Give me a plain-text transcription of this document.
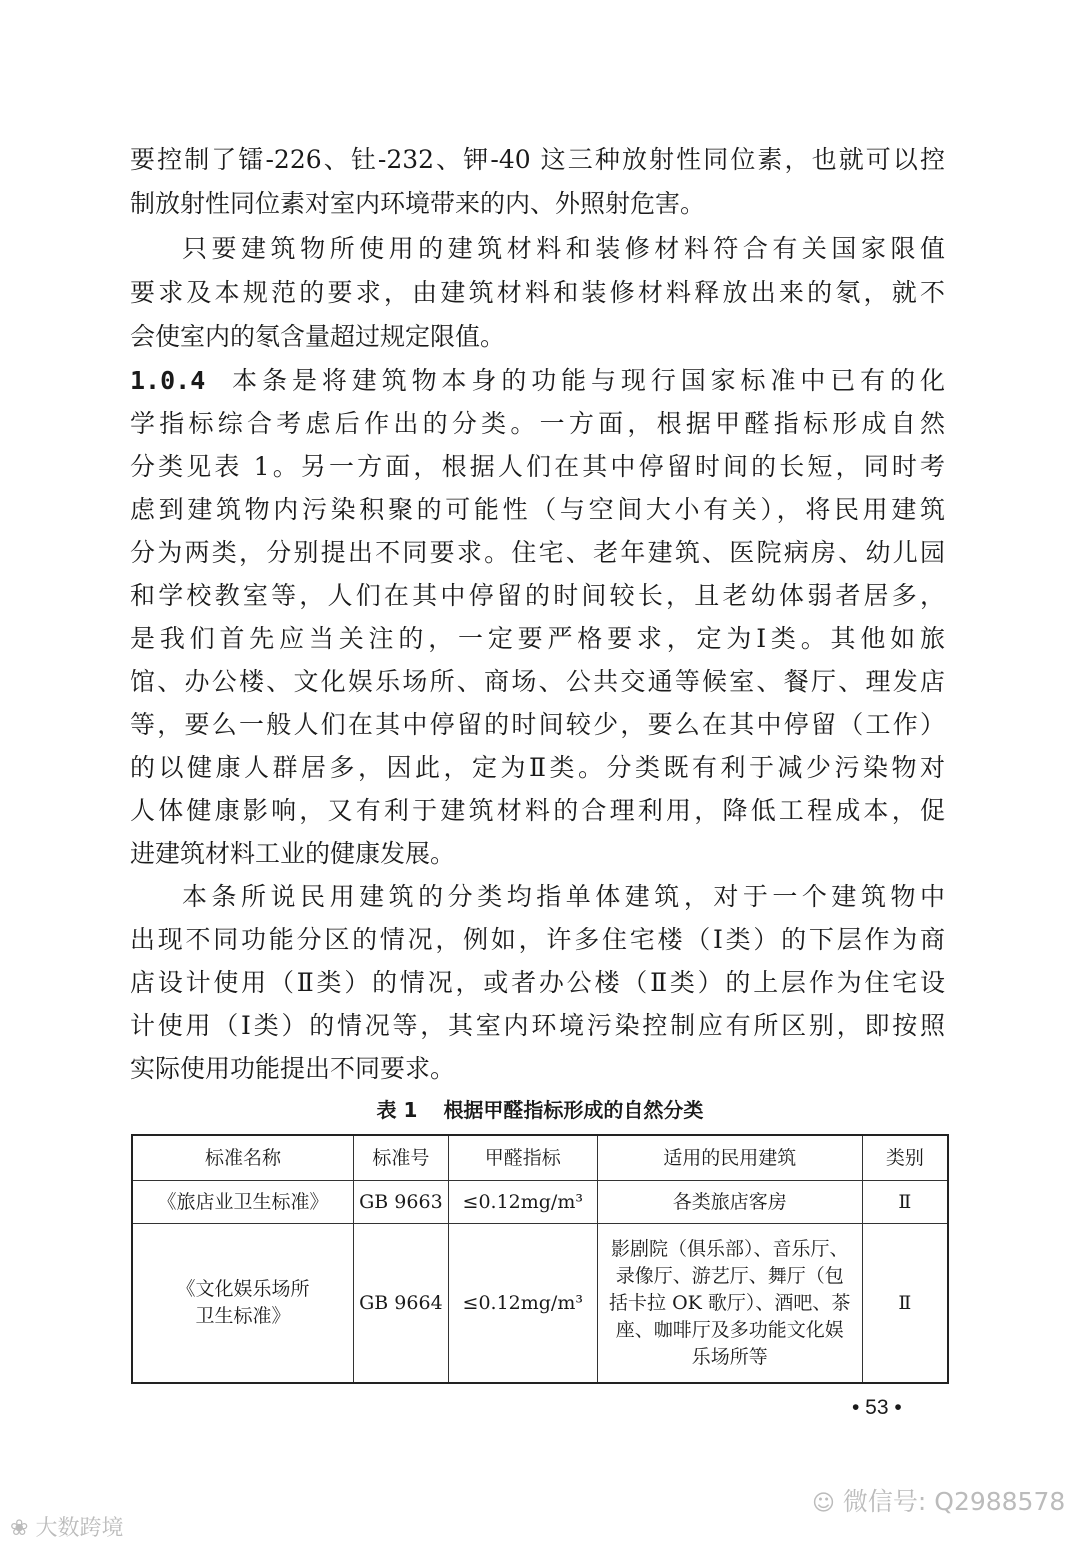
要控制了镭-226、钍-232、钾-40 这三种放射性同位素，也就可以控
制放射性同位素对室内环境带来的内、外照射危害。
只要建筑物所使用的建筑材料和装修材料符合有关国家限值
要求及本规范的要求，由建筑材料和装修材料释放出来的氡，就不
会使室内的氡含量超过规定限值。
1.0.4 本条是将建筑物本身的功能与现行国家标准中已有的化
学指标综合考虑后作出的分类。一方面，根据甲醛指标形成自然
分类见表 1。另一方面，根据人们在其中停留时间的长短，同时考
虑到建筑物内污染积聚的可能性（与空间大小有关），将民用建筑
分为两类，分别提出不同要求。住宅、老年建筑、医院病房、幼儿园
和学校教室等，人们在其中停留的时间较长，且老幼体弱者居多，
是我们首先应当关注的，一定要严格要求，定为Ⅰ类。其他如旅
馆、办公楼、文化娱乐场所、商场、公共交通等候室、餐厅、理发店
等，要么一般人们在其中停留的时间较少，要么在其中停留（工作）
的以健康人群居多，因此，定为Ⅱ类。分类既有利于减少污染物对
人体健康影响，又有利于建筑材料的合理利用，降低工程成本，促
进建筑材料工业的健康发展。
本条所说民用建筑的分类均指单体建筑，对于一个建筑物中
出现不同功能分区的情况，例如，许多住宅楼（Ⅰ类）的下层作为商
店设计使用（Ⅱ类）的情况，或者办公楼（Ⅱ类）的上层作为住宅设
计使用（Ⅰ类）的情况等，其室内环境污染控制应有所区别，即按照
实际使用功能提出不同要求。
表 1 根据甲醛指标形成的自然分类
标准名称	标准号	甲醛指标	适用的民用建筑	类别
《旅店业卫生标准》	GB 9663	≤0.12mg/m³	各类旅店客房	Ⅱ
《文化娱乐场所卫生标准》	GB 9664	≤0.12mg/m³	影剧院（俱乐部）、音乐厅、录像厅、游艺厅、舞厅（包括卡拉 OK 歌厅）、酒吧、茶座、咖啡厅及多功能文化娱乐场所等	Ⅱ
• 53 •
☺ 微信号: Q2988578
❀ 大数跨境
